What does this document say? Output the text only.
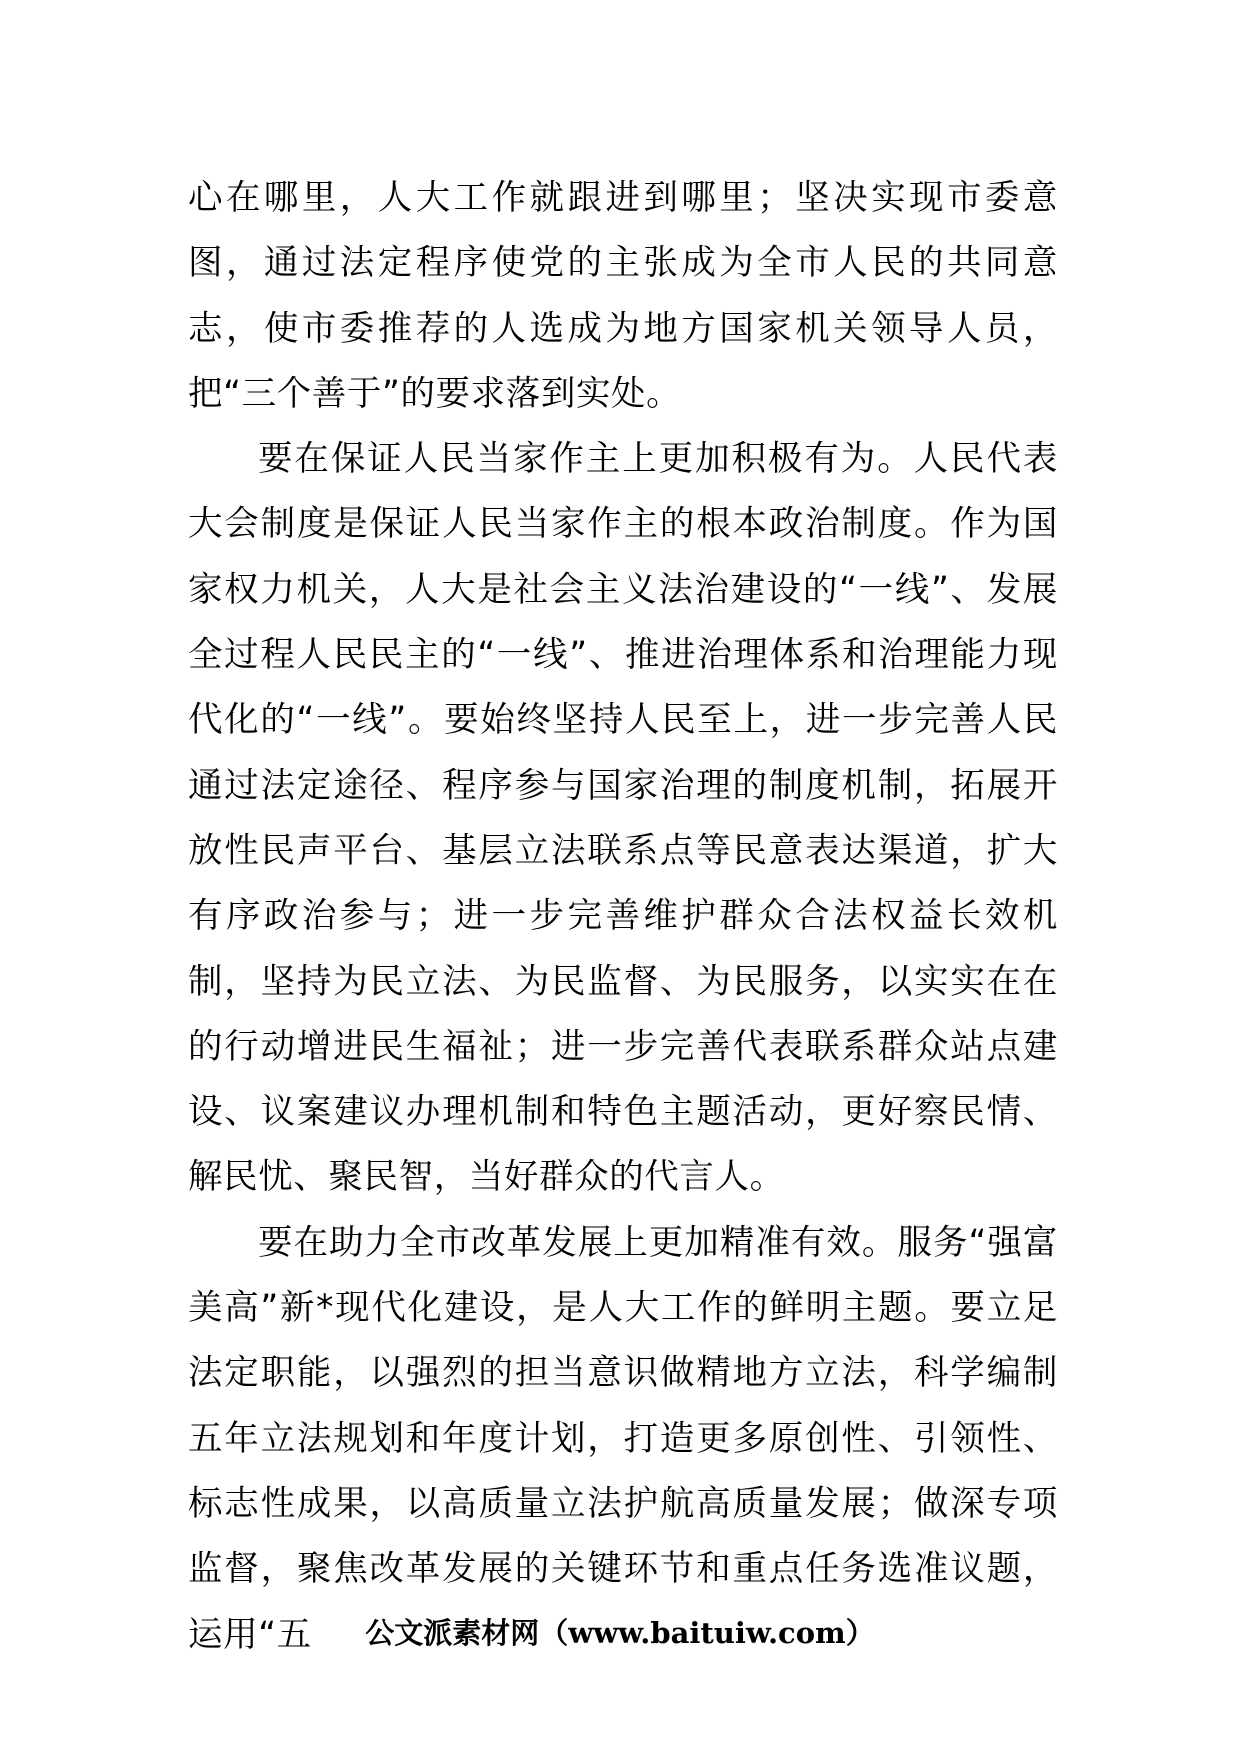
心在哪里，人大工作就跟进到哪里；坚决实现市委意图，通过法定程序使党的主张成为全市人民的共同意志，使市委推荐的人选成为地方国家机关领导人员，把“三个善于”的要求落到实处。

要在保证人民当家作主上更加积极有为。人民代表大会制度是保证人民当家作主的根本政治制度。作为国家权力机关，人大是社会主义法治建设的“一线”、发展全过程人民民主的“一线”、推进治理体系和治理能力现代化的“一线”。要始终坚持人民至上，进一步完善人民通过法定途径、程序参与国家治理的制度机制，拓展开放性民声平台、基层立法联系点等民意表达渠道，扩大有序政治参与；进一步完善维护群众合法权益长效机制，坚持为民立法、为民监督、为民服务，以实实在在的行动增进民生福祉；进一步完善代表联系群众站点建设、议案建议办理机制和特色主题活动，更好察民情、解民忧、聚民智，当好群众的代言人。

要在助力全市改革发展上更加精准有效。服务“强富美高”新*现代化建设，是人大工作的鲜明主题。要立足法定职能，以强烈的担当意识做精地方立法，科学编制五年立法规划和年度计划，打造更多原创性、引领性、标志性成果，以高质量立法护航高质量发展；做深专项监督，聚焦改革发展的关键环节和重点任务选准议题，运用“五	公文派素材网（www.baituiw.com）
